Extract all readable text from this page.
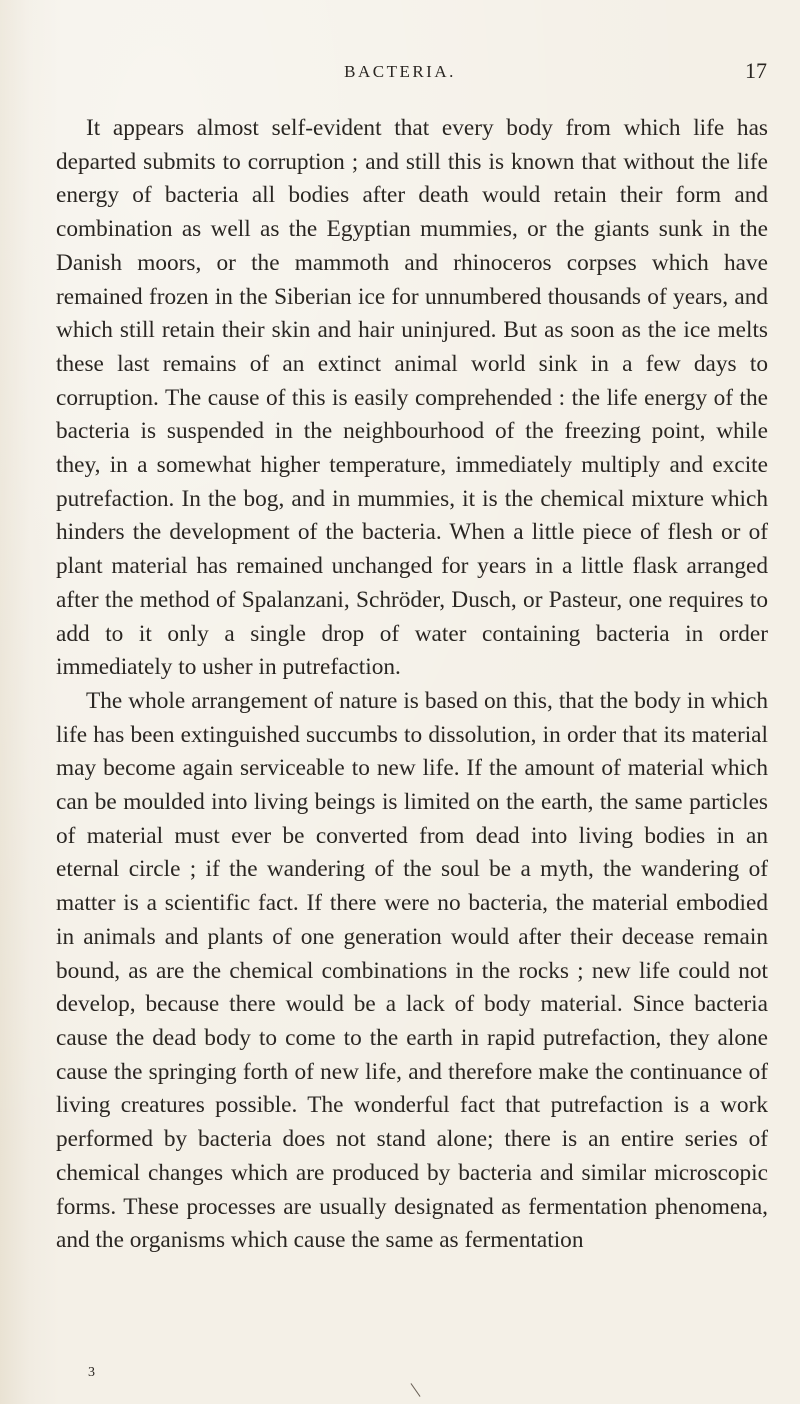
BACTERIA.	17

It appears almost self-evident that every body from which life has departed submits to corruption ; and still this is known that without the life energy of bacteria all bodies after death would retain their form and combination as well as the Egyptian mummies, or the giants sunk in the Danish moors, or the mammoth and rhinoceros corpses which have remained frozen in the Siberian ice for unnumbered thousands of years, and which still retain their skin and hair uninjured. But as soon as the ice melts these last remains of an extinct animal world sink in a few days to corruption. The cause of this is easily comprehended : the life energy of the bacteria is suspended in the neighbourhood of the freezing point, while they, in a somewhat higher temperature, immediately multiply and excite putrefaction. In the bog, and in mummies, it is the chemical mixture which hinders the development of the bacteria. When a little piece of flesh or of plant material has remained unchanged for years in a little flask arranged after the method of Spalanzani, Schröder, Dusch, or Pasteur, one requires to add to it only a single drop of water containing bacteria in order immediately to usher in putrefaction.

The whole arrangement of nature is based on this, that the body in which life has been extinguished succumbs to dissolution, in order that its material may become again serviceable to new life. If the amount of material which can be moulded into living beings is limited on the earth, the same particles of material must ever be converted from dead into living bodies in an eternal circle ; if the wandering of the soul be a myth, the wandering of matter is a scientific fact. If there were no bacteria, the material embodied in animals and plants of one generation would after their decease remain bound, as are the chemical combinations in the rocks ; new life could not develop, because there would be a lack of body material. Since bacteria cause the dead body to come to the earth in rapid putrefaction, they alone cause the springing forth of new life, and therefore make the continuance of living creatures possible. The wonderful fact that putrefaction is a work performed by bacteria does not stand alone; there is an entire series of chemical changes which are produced by bacteria and similar microscopic forms. These processes are usually designated as fermentation phenomena, and the organisms which cause the same as fermentation

3
